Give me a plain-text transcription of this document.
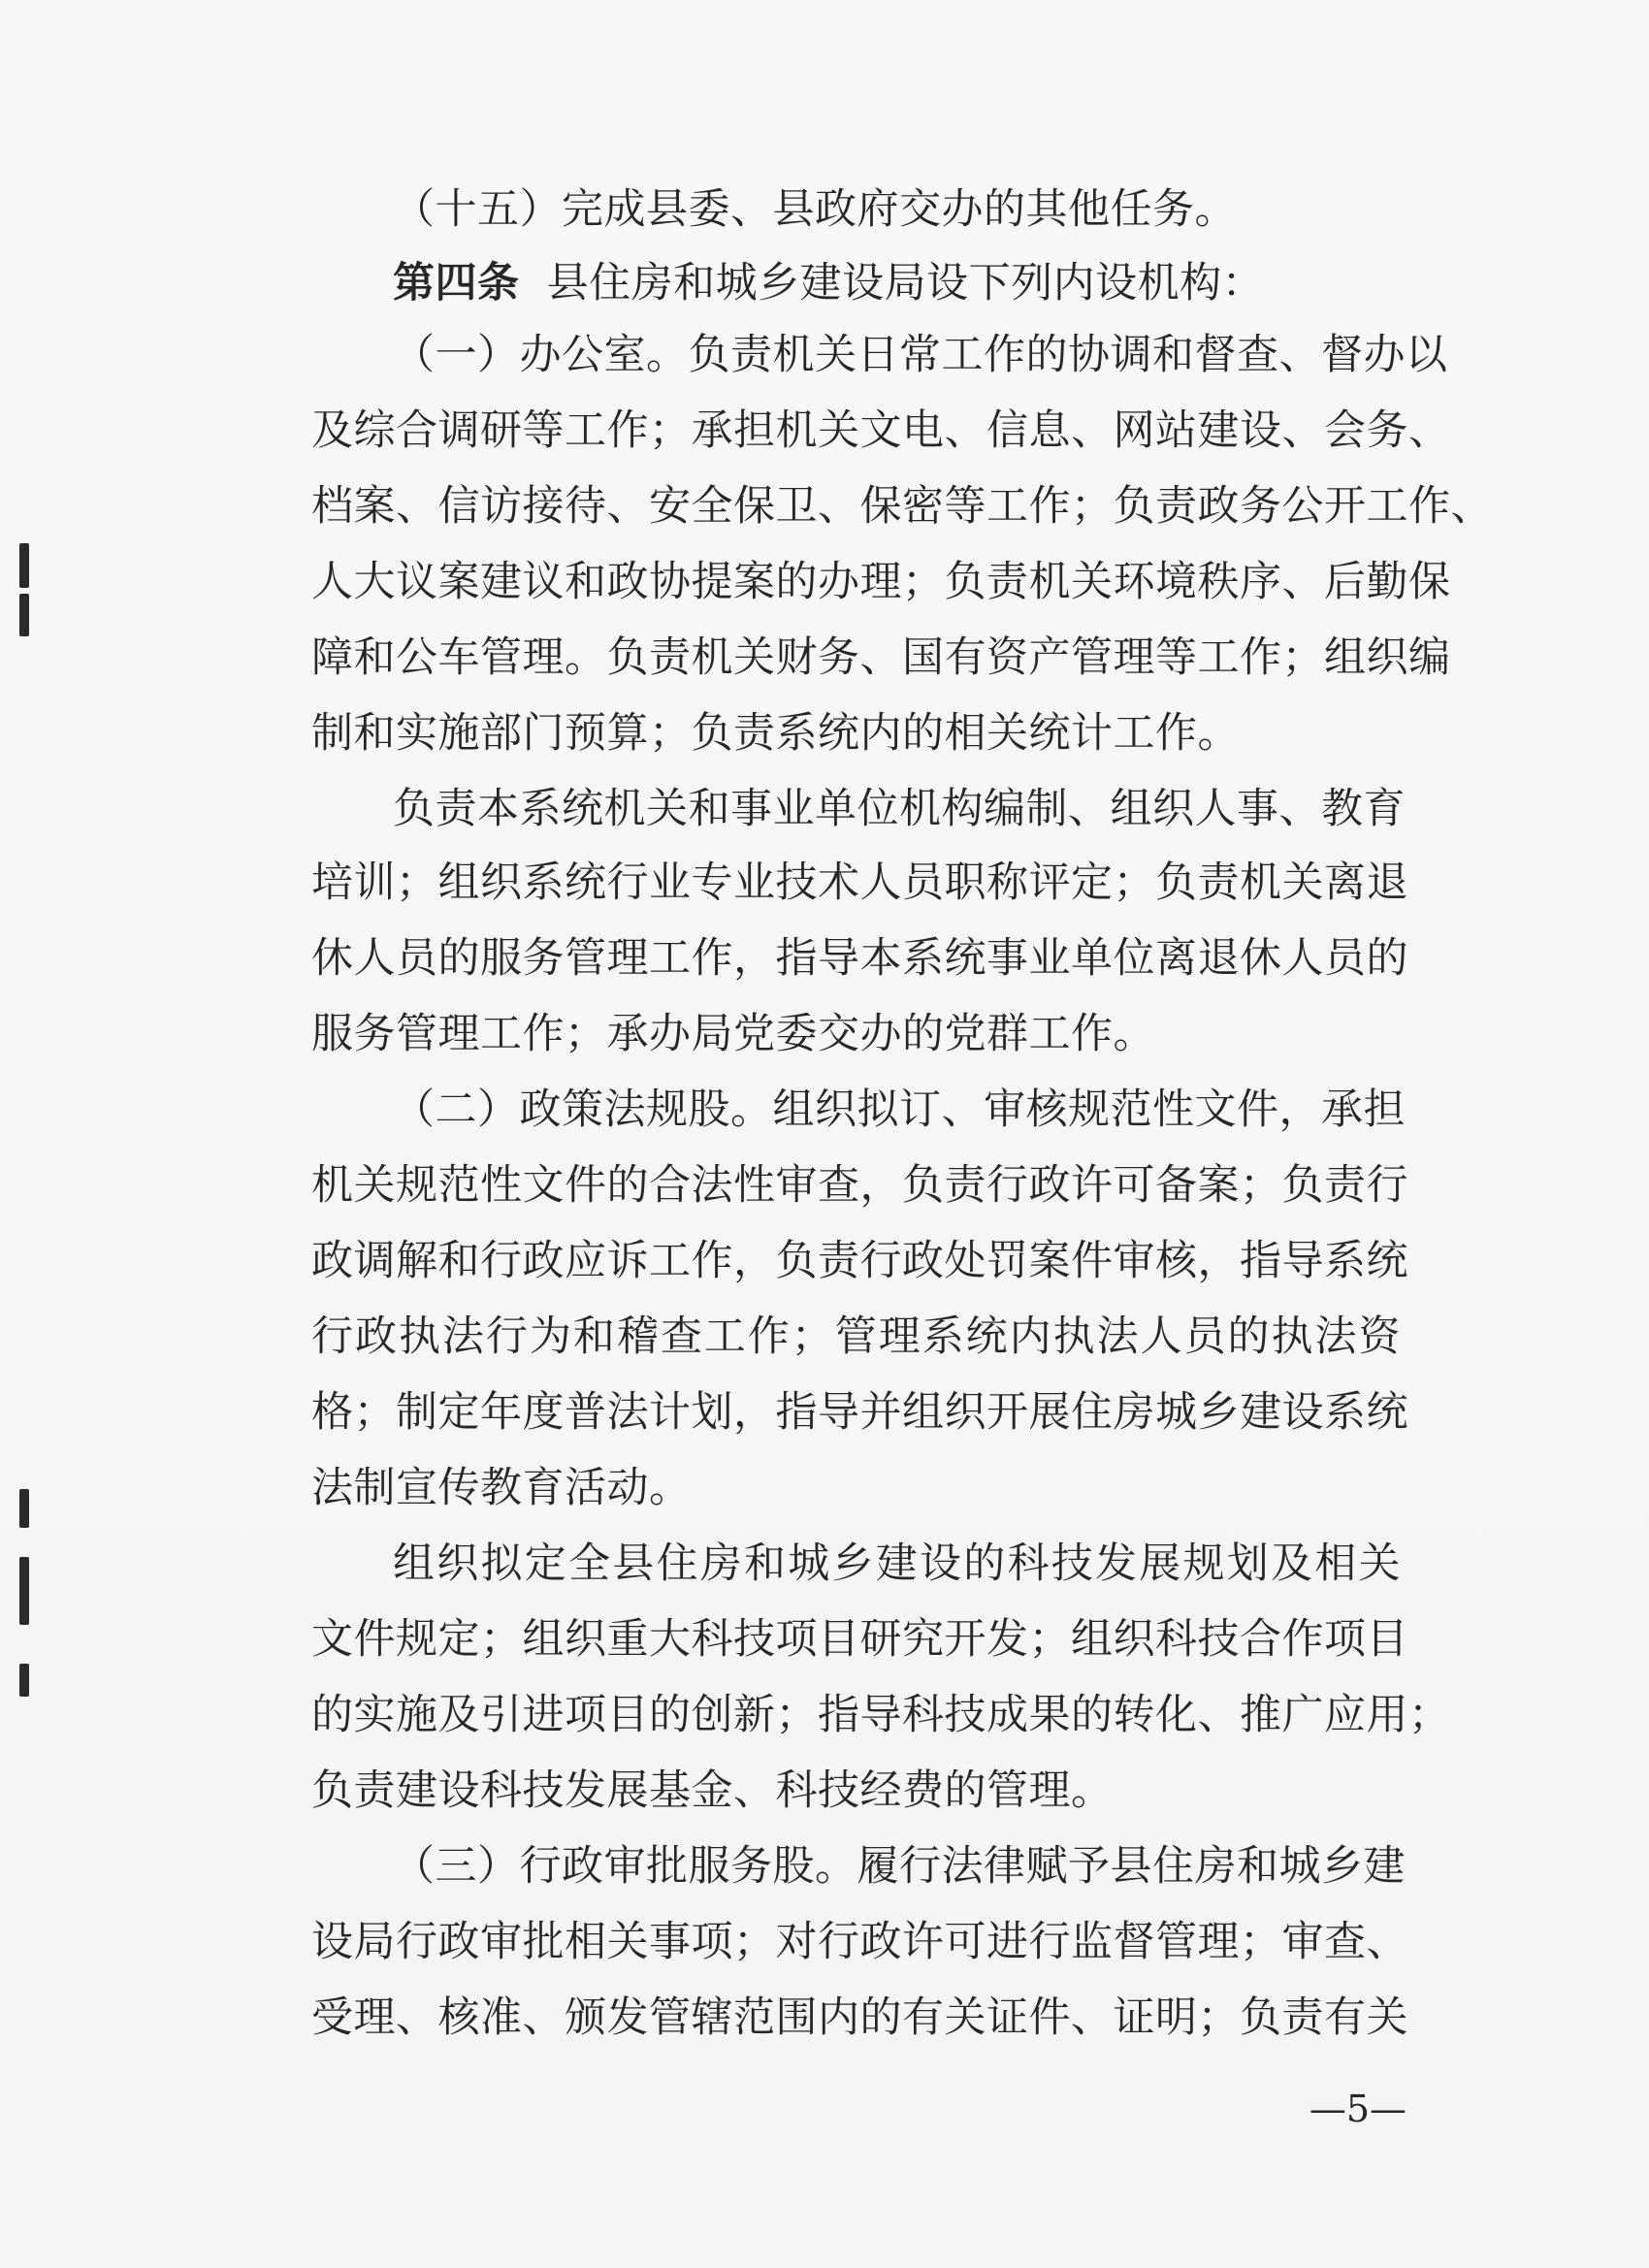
（十五）完成县委、县政府交办的其他任务。
第四条 县住房和城乡建设局设下列内设机构：
（一）办公室。负责机关日常工作的协调和督查、督办以
及综合调研等工作；承担机关文电、信息、网站建设、会务、
档案、信访接待、安全保卫、保密等工作；负责政务公开工作、
人大议案建议和政协提案的办理；负责机关环境秩序、后勤保
障和公车管理。负责机关财务、国有资产管理等工作；组织编
制和实施部门预算；负责系统内的相关统计工作。
负责本系统机关和事业单位机构编制、组织人事、教育
培训；组织系统行业专业技术人员职称评定；负责机关离退
休人员的服务管理工作，指导本系统事业单位离退休人员的
服务管理工作；承办局党委交办的党群工作。
（二）政策法规股。组织拟订、审核规范性文件，承担
机关规范性文件的合法性审查，负责行政许可备案；负责行
政调解和行政应诉工作，负责行政处罚案件审核，指导系统
行政执法行为和稽查工作；管理系统内执法人员的执法资
格；制定年度普法计划，指导并组织开展住房城乡建设系统
法制宣传教育活动。
组织拟定全县住房和城乡建设的科技发展规划及相关
文件规定；组织重大科技项目研究开发；组织科技合作项目
的实施及引进项目的创新；指导科技成果的转化、推广应用；
负责建设科技发展基金、科技经费的管理。
（三）行政审批服务股。履行法律赋予县住房和城乡建
设局行政审批相关事项；对行政许可进行监督管理；审查、
受理、核准、颁发管辖范围内的有关证件、证明；负责有关
—5—
